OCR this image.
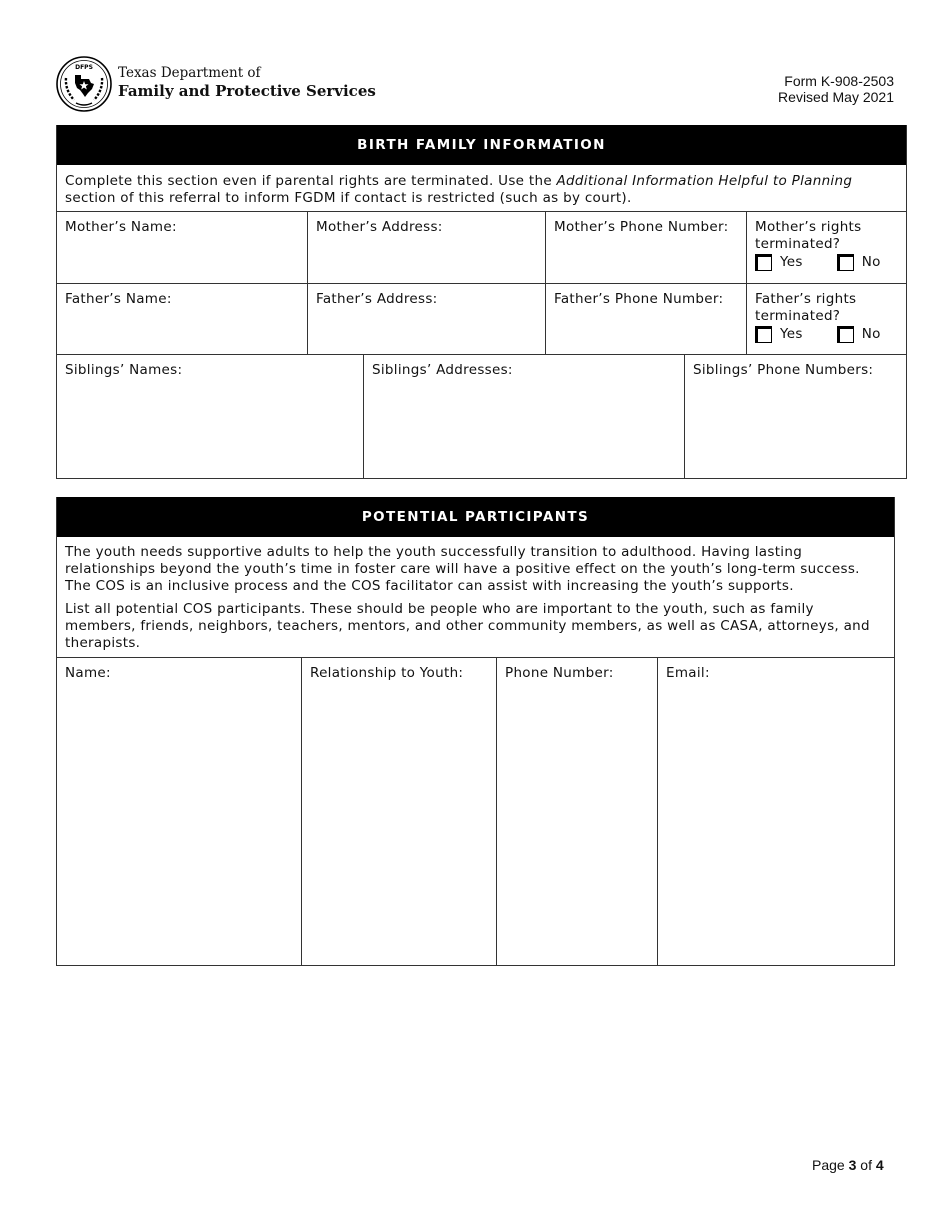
DFPS Texas Department of
Family and Protective Services
Form K-908-2503
Revised May 2021
BIRTH FAMILY INFORMATION
Complete this section even if parental rights are terminated. Use the Additional Information Helpful to Planning section of this referral to inform FGDM if contact is restricted (such as by court).
Mother’s Name:	Mother’s Address:	Mother’s Phone Number:	Mother’s rights terminated?
Yes	No
Father’s Name:	Father’s Address:	Father’s Phone Number:	Father’s rights terminated?
Yes	No
Siblings’ Names:	Siblings’ Addresses:	Siblings’ Phone Numbers:
POTENTIAL PARTICIPANTS

The youth needs supportive adults to help the youth successfully transition to adulthood. Having lasting relationships beyond the youth’s time in foster care will have a positive effect on the youth’s long-term success. The COS is an inclusive process and the COS facilitator can assist with increasing the youth’s supports.

List all potential COS participants. These should be people who are important to the youth, such as family members, friends, neighbors, teachers, mentors, and other community members, as well as CASA, attorneys, and therapists.

Name:	Relationship to Youth:	Phone Number:	Email:
Page 3 of 4
